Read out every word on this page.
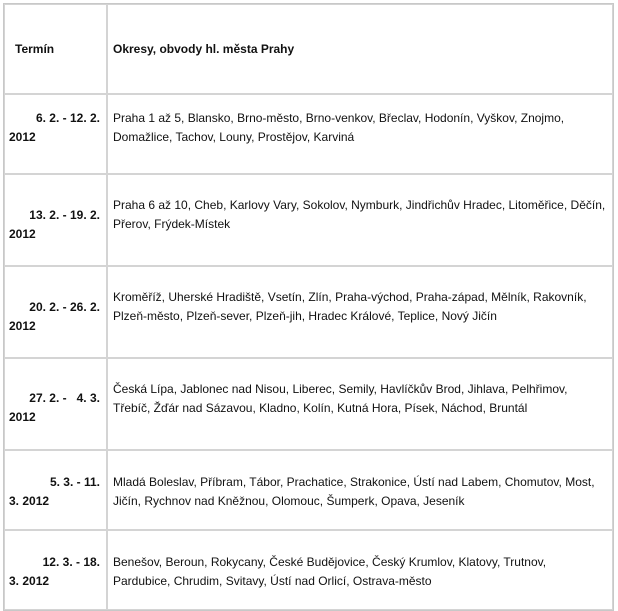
Termín	Okresy, obvody hl. města Prahy

6. 2. - 12. 2.
2012	Praha 1 až 5, Blansko, Brno-město, Brno-venkov, Břeclav, Hodonín, Vyškov, Znojmo, Domažlice, Tachov, Louny, Prostějov, Karviná

13. 2. - 19. 2.
2012	Praha 6 až 10, Cheb, Karlovy Vary, Sokolov, Nymburk, Jindřichův Hradec, Litoměřice, Děčín, Přerov, Frýdek-Místek

20. 2. - 26. 2.
2012	Kroměříž, Uherské Hradiště, Vsetín, Zlín, Praha-východ, Praha-západ, Mělník, Rakovník, Plzeň-město, Plzeň-sever, Plzeň-jih, Hradec Králové, Teplice, Nový Jičín

27. 2. -   4. 3.
2012	Česká Lípa, Jablonec nad Nisou, Liberec, Semily, Havlíčkův Brod, Jihlava, Pelhřimov, Třebíč, Žďár nad Sázavou, Kladno, Kolín, Kutná Hora, Písek, Náchod, Bruntál

5. 3. - 11.
3. 2012	Mladá Boleslav, Příbram, Tábor, Prachatice, Strakonice, Ústí nad Labem, Chomutov, Most, Jičín, Rychnov nad Kněžnou, Olomouc, Šumperk, Opava, Jeseník

12. 3. - 18.
3. 2012	Benešov, Beroun, Rokycany, České Budějovice, Český Krumlov, Klatovy, Trutnov, Pardubice, Chrudim, Svitavy, Ústí nad Orlicí, Ostrava-město
